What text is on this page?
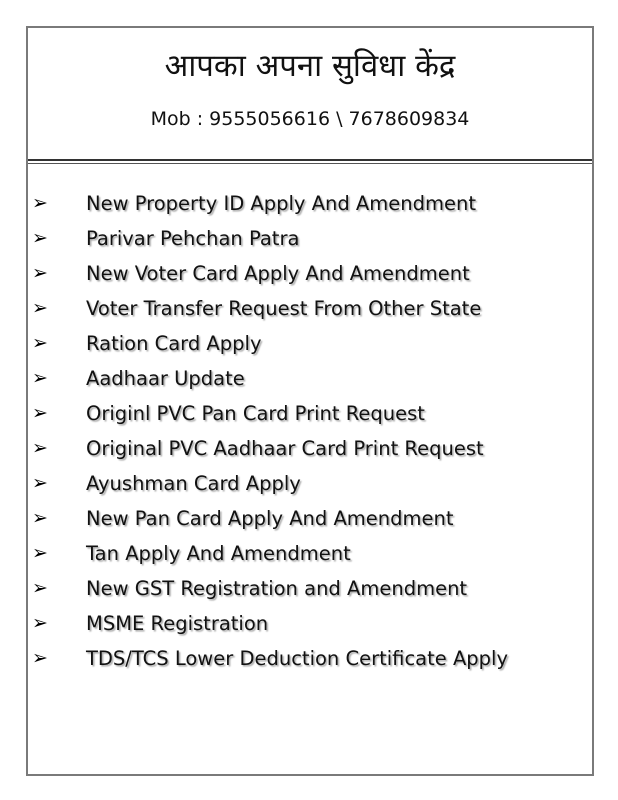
आपका अपना सुविधा केंद्र
Mob : 9555056616 \ 7678609834
➢ New Property ID Apply And Amendment
➢ Parivar Pehchan Patra
➢ New Voter Card Apply And Amendment
➢ Voter Transfer Request From Other State
➢ Ration Card Apply
➢ Aadhaar Update
➢ Originl PVC Pan Card Print Request
➢ Original PVC Aadhaar Card Print Request
➢ Ayushman Card Apply
➢ New Pan Card Apply And Amendment
➢ Tan Apply And Amendment
➢ New GST Registration and Amendment
➢ MSME Registration
➢ TDS/TCS Lower Deduction Certificate Apply
